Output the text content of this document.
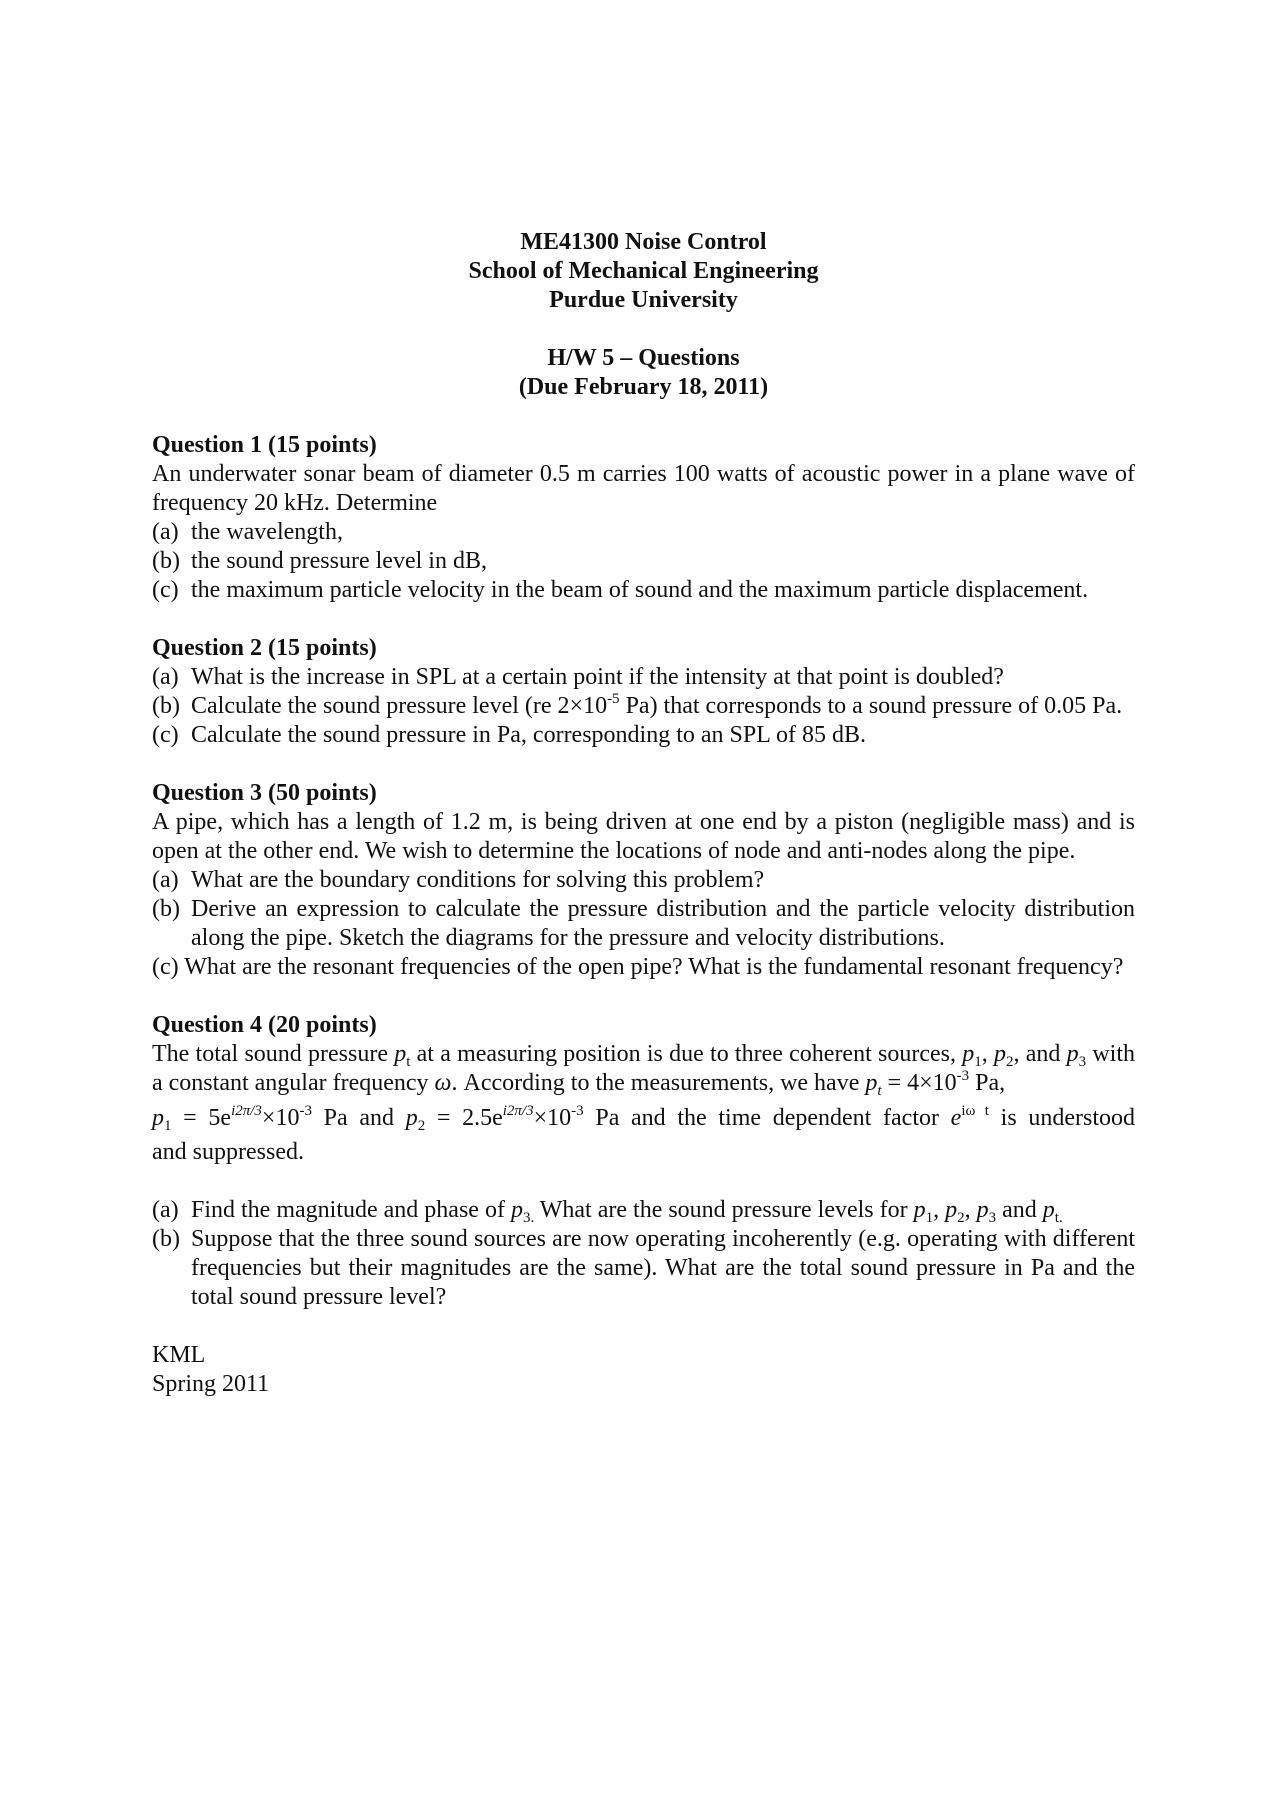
ME41300 Noise Control
School of Mechanical Engineering
Purdue University
H/W 5 – Questions
(Due February 18, 2011)
Question 1 (15 points)
An underwater sonar beam of diameter 0.5 m carries 100 watts of acoustic power in a plane wave of frequency 20 kHz. Determine
(a) the wavelength,
(b) the sound pressure level in dB,
(c) the maximum particle velocity in the beam of sound and the maximum particle displacement.
Question 2 (15 points)
(a) What is the increase in SPL at a certain point if the intensity at that point is doubled?
(b) Calculate the sound pressure level (re $2\times 10^{-5}$ Pa) that corresponds to a sound pressure of 0.05 Pa.
(c) Calculate the sound pressure in Pa, corresponding to an SPL of 85 dB.
Question 3 (50 points)
A pipe, which has a length of 1.2 m, is being driven at one end by a piston (negligible mass) and is open at the other end. We wish to determine the locations of node and anti-nodes along the pipe.
(a) What are the boundary conditions for solving this problem?
(b) Derive an expression to calculate the pressure distribution and the particle velocity distribution along the pipe. Sketch the diagrams for the pressure and velocity distributions.
(c) What are the resonant frequencies of the open pipe? What is the fundamental resonant frequency?
Question 4 (20 points)
The total sound pressure $p_t$ at a measuring position is due to three coherent sources, $p_1$, $p_2$, and $p_3$ with a constant angular frequency ω. According to the measurements, we have $p_t = 4\times 10^{-3}$ Pa,
$p_1 = 5e^{i2\pi/3}\times 10^{-3}$ Pa and $p_2 = 2.5e^{i2\pi/3}\times 10^{-3}$ Pa and the time dependent factor $e^{i\omega t}$ is understood
and suppressed.
(a) Find the magnitude and phase of $p_{3.}$ What are the sound pressure levels for $p_1$, $p_2$, $p_3$ and $p_{t.}$
(b) Suppose that the three sound sources are now operating incoherently (e.g. operating with different frequencies but their magnitudes are the same). What are the total sound pressure in Pa and the total sound pressure level?
KML
Spring 2011
